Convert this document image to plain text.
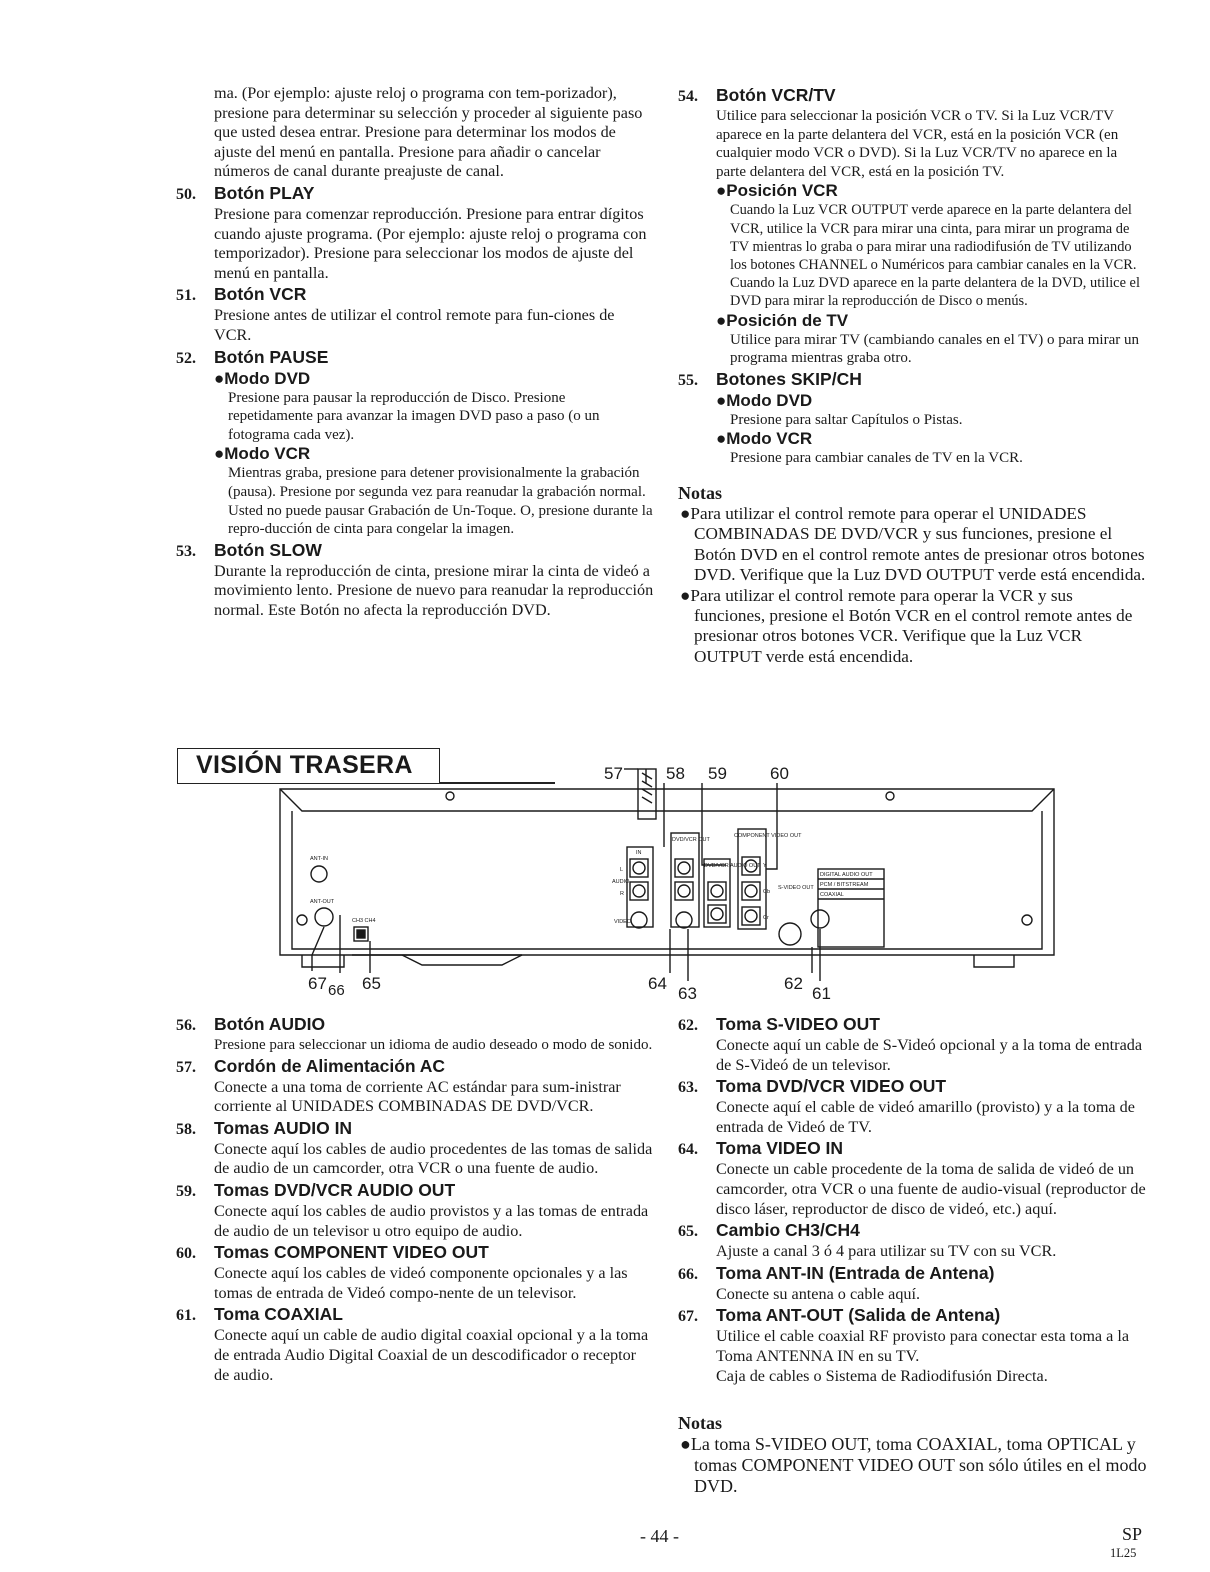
ma. (Por ejemplo: ajuste reloj o programa con tem-porizador), presione para determinar su selección y proceder al siguiente paso que usted desea entrar. Presione para determinar los modos de ajuste del menú en pantalla. Presione para añadir o cancelar números de canal durante preajuste de canal.

50. Botón PLAY

Presione para comenzar reproducción. Presione para entrar dígitos cuando ajuste programa. (Por ejemplo: ajuste reloj o programa con temporizador). Presione para seleccionar los modos de ajuste del menú en pantalla.

51. Botón VCR

Presione antes de utilizar el control remote para fun-ciones de VCR.

52. Botón PAUSE
●Modo DVD

Presione para pausar la reproducción de Disco. Presione repetidamente para avanzar la imagen DVD paso a paso (o un fotograma cada vez).

●Modo VCR

Mientras graba, presione para detener provisionalmente la grabación (pausa). Presione por segunda vez para reanudar la grabación normal. Usted no puede pausar Grabación de Un-Toque. O, presione durante la repro-ducción de cinta para congelar la imagen.

53. Botón SLOW

Durante la reproducción de cinta, presione mirar la cinta de videó a movimiento lento. Presione de nuevo para reanudar la reproducción normal. Este Botón no afecta la reproducción DVD.

54. Botón VCR/TV

Utilice para seleccionar la posición VCR o TV. Si la Luz VCR/TV aparece en la parte delantera del VCR, está en la posición VCR (en cualquier modo VCR o DVD). Si la Luz VCR/TV no aparece en la parte delantera del VCR, está en la posición TV.

●Posición VCR

Cuando la Luz VCR OUTPUT verde aparece en la parte delantera del VCR, utilice la VCR para mirar una cinta, para mirar un programa de TV mientras lo graba o para mirar una radiodifusión de TV utilizando los botones CHANNEL o Numéricos para cambiar canales en la VCR.

Cuando la Luz DVD aparece en la parte delantera de la DVD, utilice el DVD para mirar la reproducción de Disco o menús.

●Posición de TV

Utilice para mirar TV (cambiando canales en el TV) o para mirar un programa mientras graba otro.

55. Botones SKIP/CH
●Modo DVD

Presione para saltar Capítulos o Pistas.

●Modo VCR

Presione para cambiar canales de TV en la VCR.

Notas

●Para utilizar el control remote para operar el UNIDADES COMBINADAS DE DVD/VCR y sus funciones, presione el Botón DVD en el control remote antes de presionar otros botones DVD. Verifique que la Luz DVD OUTPUT verde está encendida.

●Para utilizar el control remote para operar la VCR y sus funciones, presione el Botón VCR en el control remote antes de presionar otros botones VCR. Verifique que la Luz VCR OUTPUT verde está encendida.

VISIÓN TRASERA
ANT-IN
ANT-OUT
CH3 CH4
IN
AUDIO
L
R
VIDEO
DVD/VCR OUT
DVD/VCR AUDIO OUT
COMPONENT VIDEO OUT
Y
Cb
Cr
S-VIDEO OUT
DIGITAL AUDIO OUT
PCM / BITSTREAM
COAXIAL
57	58 59	60
67 66 65	64
63
62
61
56. Botón AUDIO

Presione para seleccionar un idioma de audio deseado o modo de sonido.

57. Cordón de Alimentación AC

Conecte a una toma de corriente AC estándar para sum-inistrar corriente al UNIDADES COMBINADAS DE DVD/VCR.

58. Tomas AUDIO IN

Conecte aquí los cables de audio procedentes de las tomas de salida de audio de un camcorder, otra VCR o una fuente de audio.

59. Tomas DVD/VCR AUDIO OUT

Conecte aquí los cables de audio provistos y a las tomas de entrada de audio de un televisor u otro equipo de audio.

60. Tomas COMPONENT VIDEO OUT

Conecte aquí los cables de videó componente opcionales y a las tomas de entrada de Videó compo-nente de un televisor.

61. Toma COAXIAL

Conecte aquí un cable de audio digital coaxial opcional y a la toma de entrada Audio Digital Coaxial de un descodificador o receptor de audio.

62. Toma S-VIDEO OUT

Conecte aquí un cable de S-Videó opcional y a la toma de entrada de S-Videó de un televisor.

63. Toma DVD/VCR VIDEO OUT

Conecte aquí el cable de videó amarillo (provisto) y a la toma de entrada de Videó de TV.

64. Toma VIDEO IN

Conecte un cable procedente de la toma de salida de videó de un camcorder, otra VCR o una fuente de audio-visual (reproductor de disco láser, reproductor de disco de videó, etc.) aquí.

65. Cambio CH3/CH4

Ajuste a canal 3 ó 4 para utilizar su TV con su VCR.

66. Toma ANT-IN (Entrada de Antena)

Conecte su antena o cable aquí.

67. Toma ANT-OUT (Salida de Antena)

Utilice el cable coaxial RF provisto para conectar esta toma a la Toma ANTENNA IN en su TV.

Caja de cables o Sistema de Radiodifusión Directa.

Notas

●La toma S-VIDEO OUT, toma COAXIAL, toma OPTICAL y tomas COMPONENT VIDEO OUT son sólo útiles en el modo DVD.

- 44 -	SP
1L25
